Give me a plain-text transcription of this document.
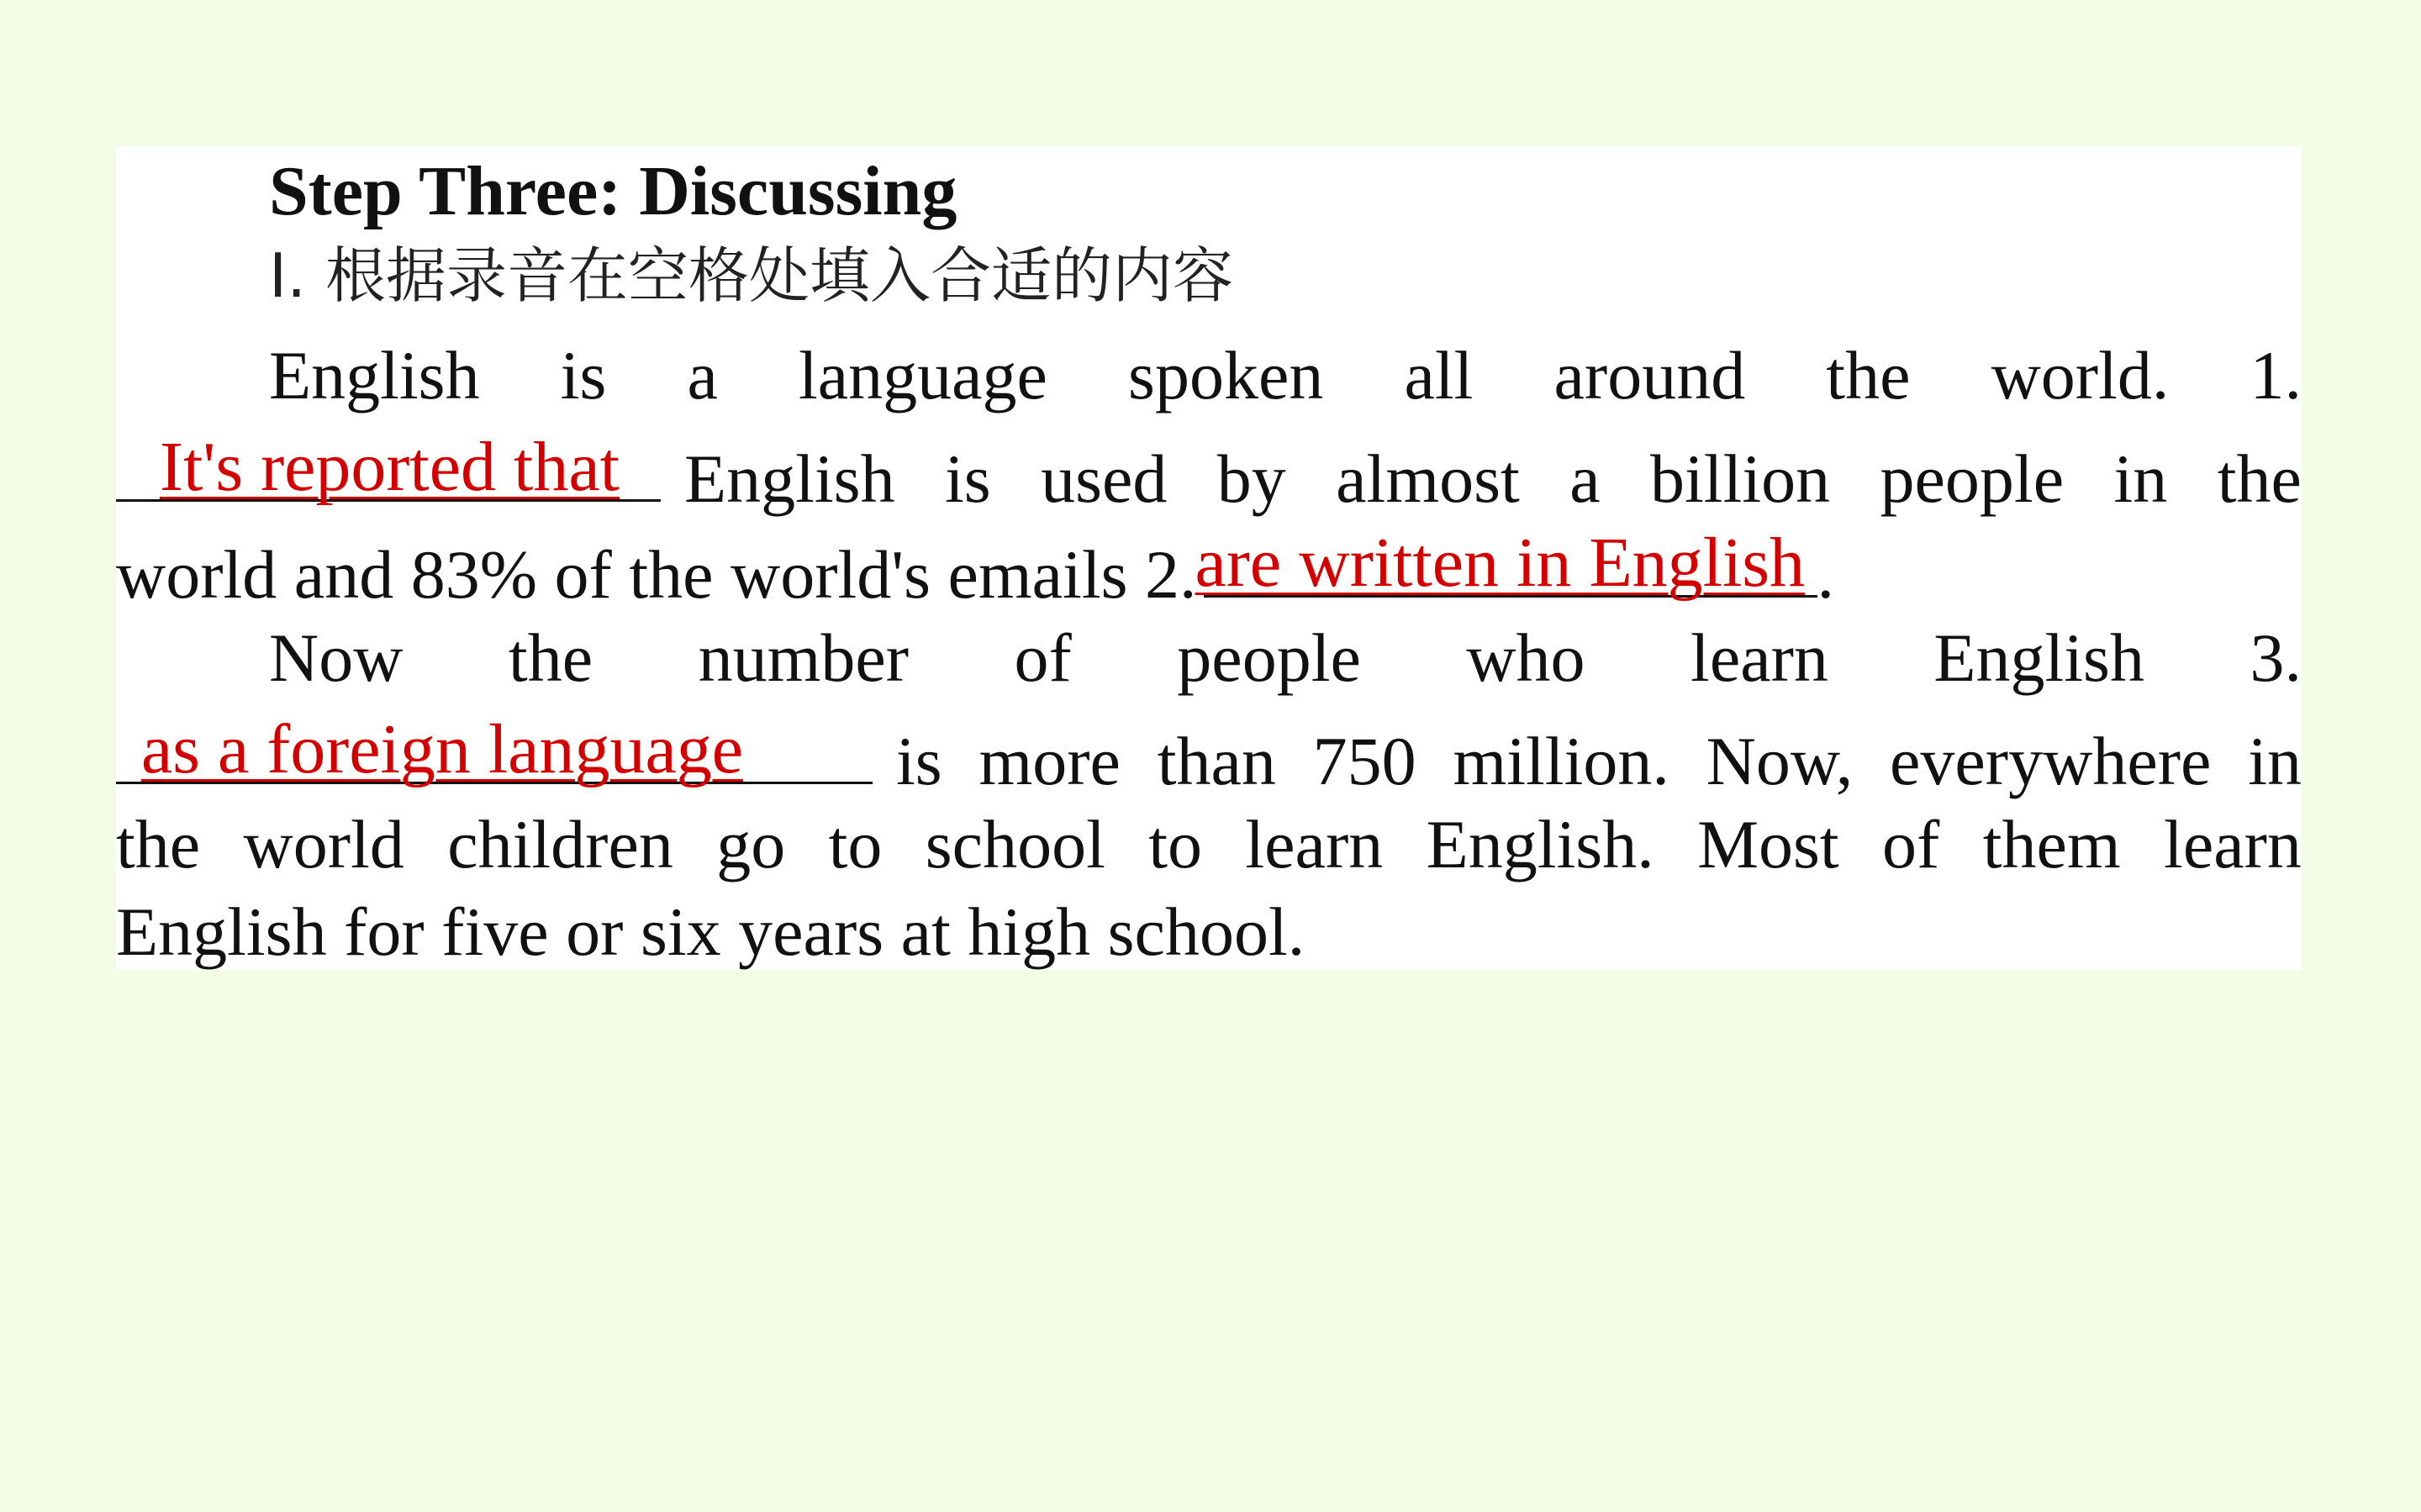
Step Three: Discussing
Ⅰ. 根据录音在空格处填入合适的内容
English is a language spoken all around the world. 1.
It's reported that English is used by almost a billion people in the
world and 83% of the world's emails 2.
are written in English .
Now the number of people who learn English 3.
as a foreign language is more than 750 million. Now, everywhere in
the world children go to school to learn English. Most of them learn
English for five or six years at high school.
